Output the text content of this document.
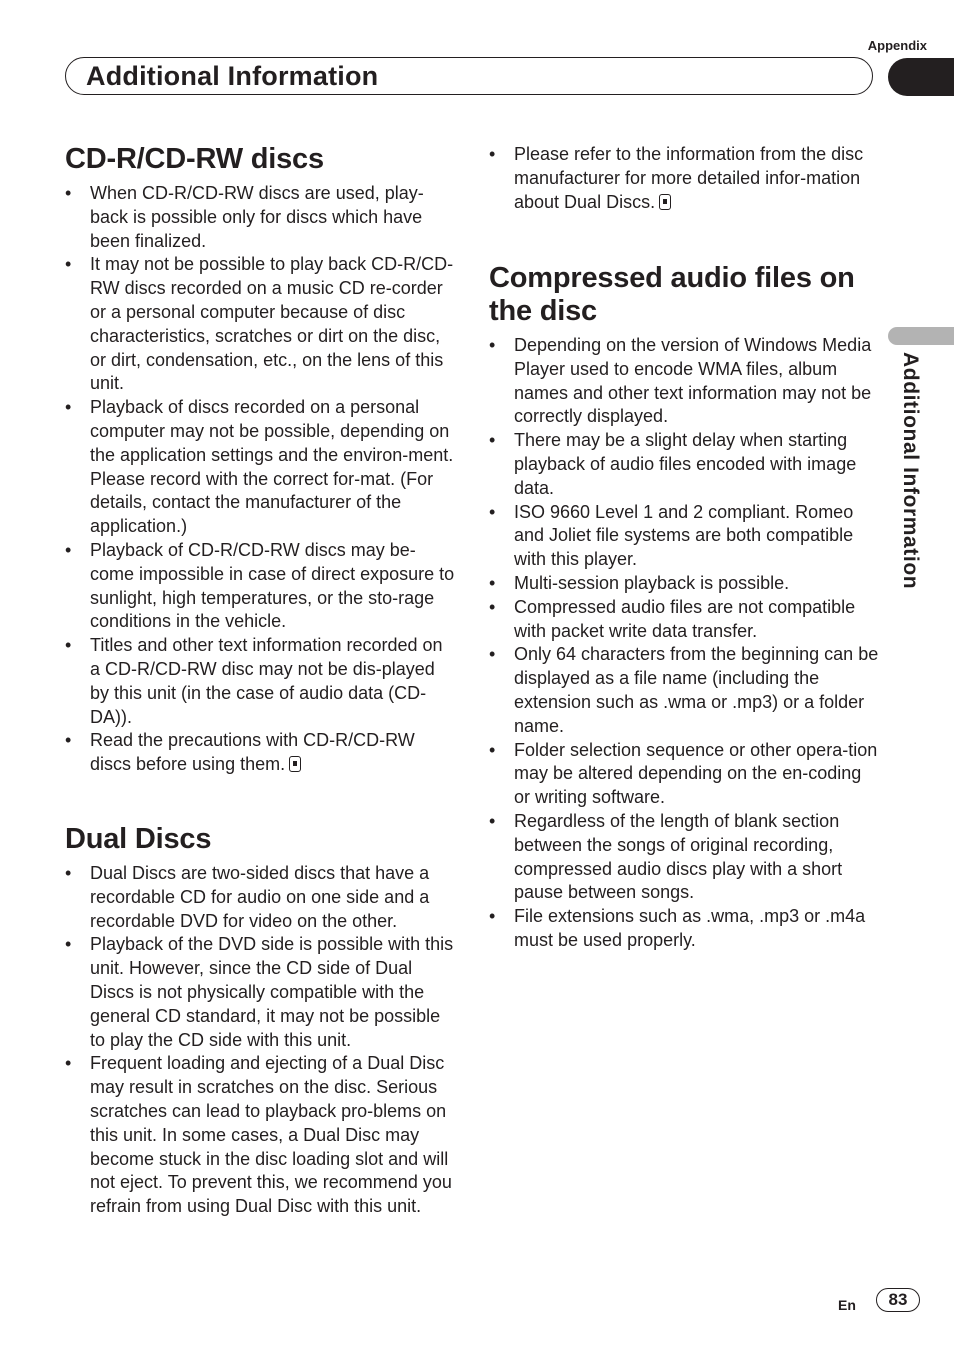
Appendix
Additional Information
Additional Information
CD-R/CD-RW discs
• When CD-R/CD-RW discs are used, play-back is possible only for discs which have been finalized.
• It may not be possible to play back CD-R/CD-RW discs recorded on a music CD re-corder or a personal computer because of disc characteristics, scratches or dirt on the disc, or dirt, condensation, etc., on the lens of this unit.
• Playback of discs recorded on a personal computer may not be possible, depending on the application settings and the environ-ment. Please record with the correct for-mat. (For details, contact the manufacturer of the application.)
• Playback of CD-R/CD-RW discs may be-come impossible in case of direct exposure to sunlight, high temperatures, or the sto-rage conditions in the vehicle.
• Titles and other text information recorded on a CD-R/CD-RW disc may not be dis-played by this unit (in the case of audio data (CD-DA)).
• Read the precautions with CD-R/CD-RW discs before using them.
Dual Discs
• Dual Discs are two-sided discs that have a recordable CD for audio on one side and a recordable DVD for video on the other.
• Playback of the DVD side is possible with this unit. However, since the CD side of Dual Discs is not physically compatible with the general CD standard, it may not be possible to play the CD side with this unit.
• Frequent loading and ejecting of a Dual Disc may result in scratches on the disc. Serious scratches can lead to playback pro-blems on this unit. In some cases, a Dual Disc may become stuck in the disc loading slot and will not eject. To prevent this, we recommend you refrain from using Dual Disc with this unit.
• Please refer to the information from the disc manufacturer for more detailed infor-mation about Dual Discs.
Compressed audio files on the disc
• Depending on the version of Windows Media Player used to encode WMA files, album names and other text information may not be correctly displayed.
• There may be a slight delay when starting playback of audio files encoded with image data.
• ISO 9660 Level 1 and 2 compliant. Romeo and Joliet file systems are both compatible with this player.
• Multi-session playback is possible.
• Compressed audio files are not compatible with packet write data transfer.
• Only 64 characters from the beginning can be displayed as a file name (including the extension such as .wma or .mp3) or a folder name.
• Folder selection sequence or other opera-tion may be altered depending on the en-coding or writing software.
• Regardless of the length of blank section between the songs of original recording, compressed audio discs play with a short pause between songs.
• File extensions such as .wma, .mp3 or .m4a must be used properly.
En	83
